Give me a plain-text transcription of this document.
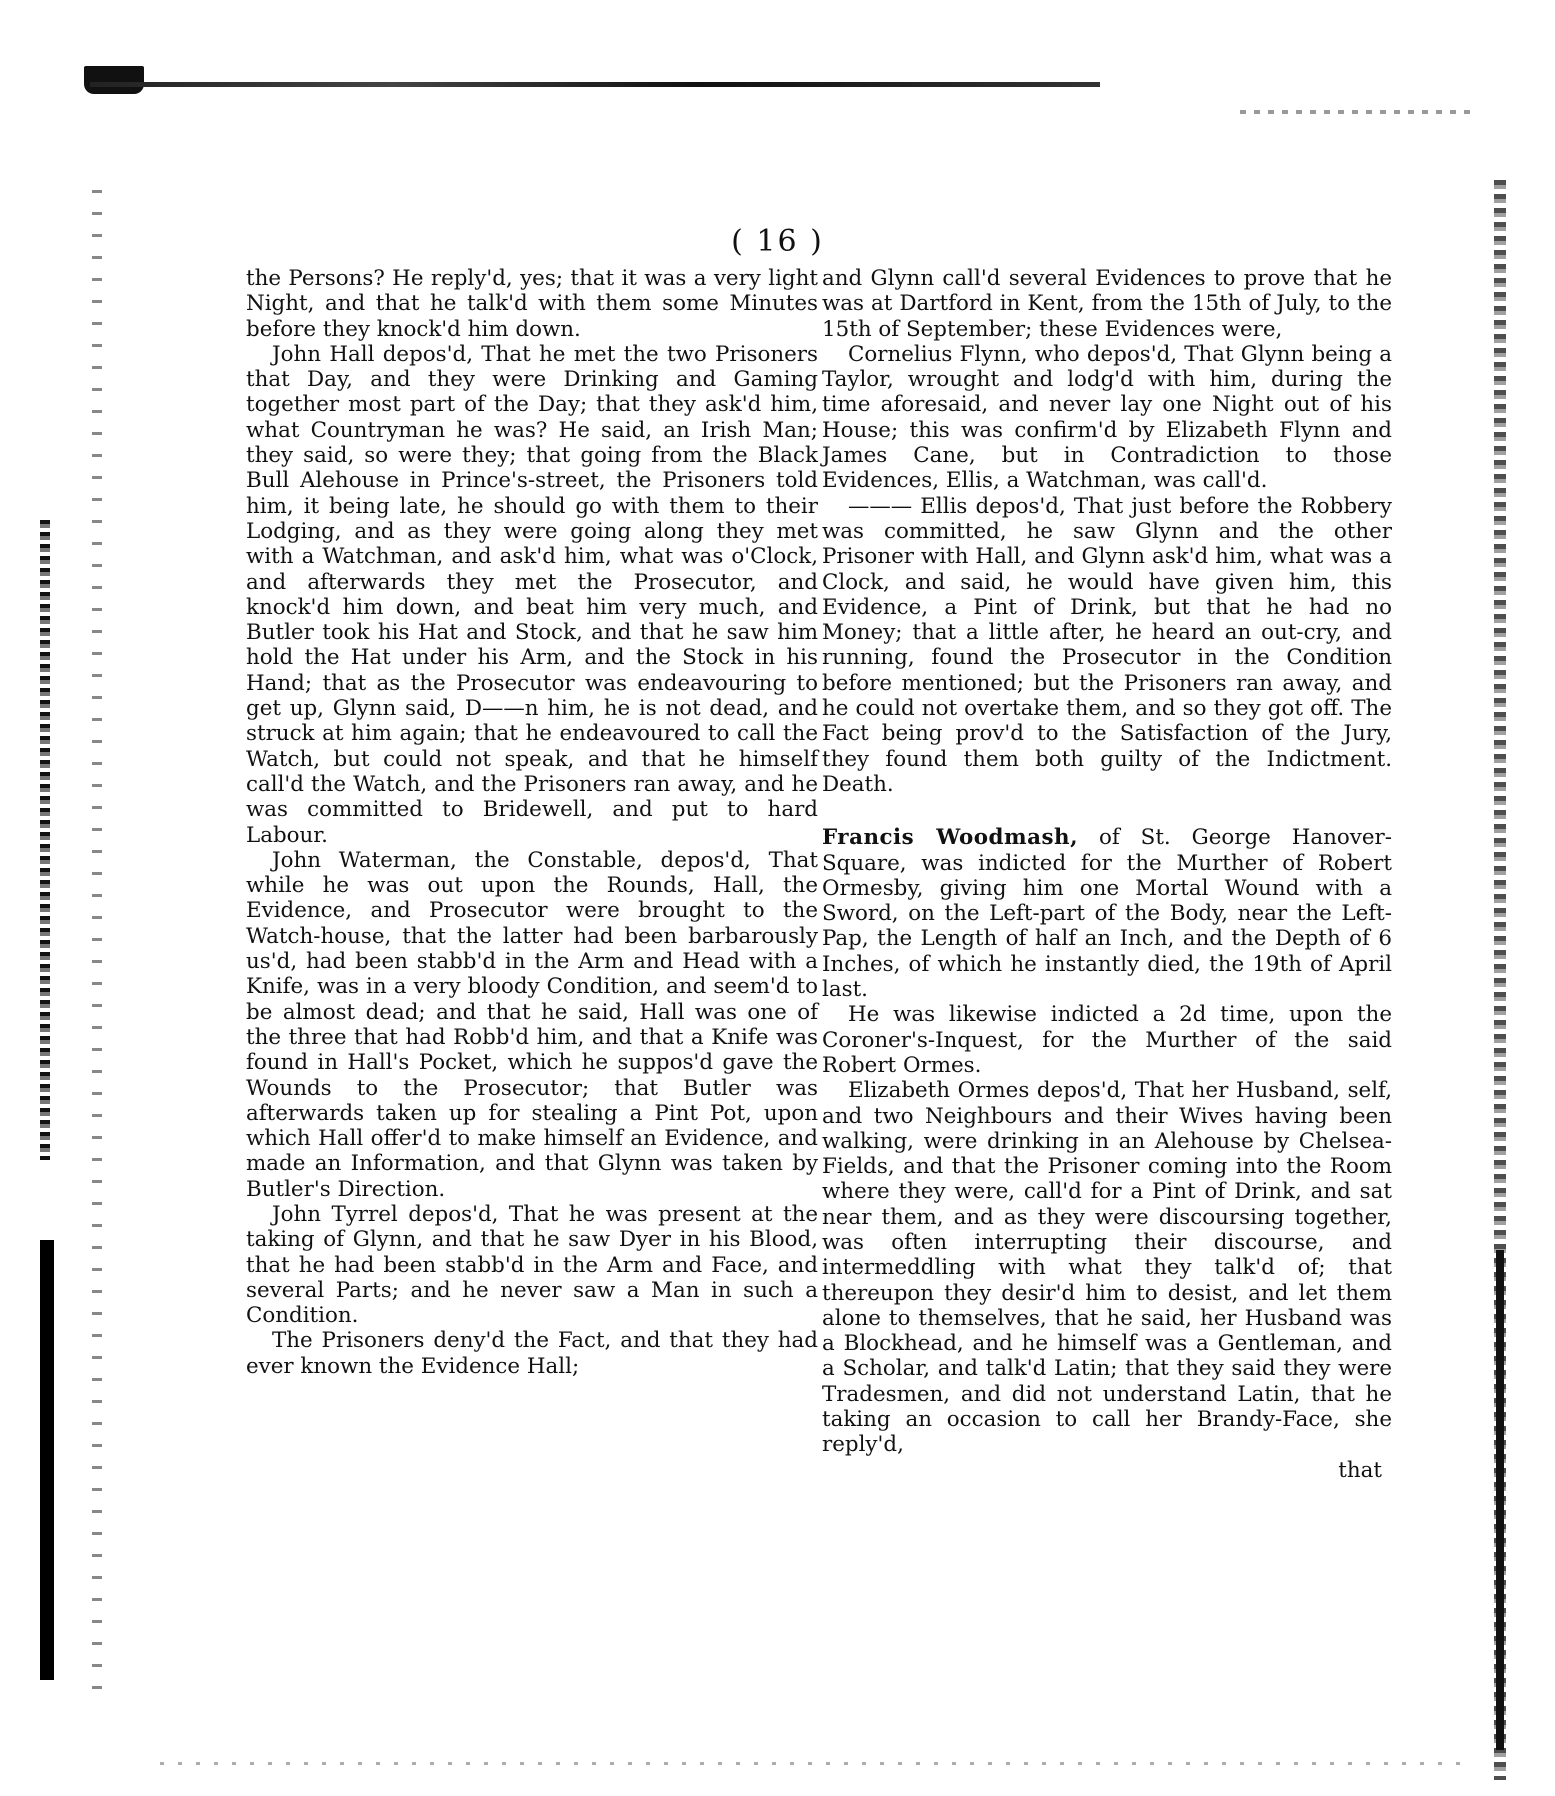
( 16 )

the Persons? He reply'd, yes; that it was a very light Night, and that he talk'd with them some Minutes before they knock'd him down.

John Hall depos'd, That he met the two Prisoners that Day, and they were Drinking and Gaming together most part of the Day; that they ask'd him, what Countryman he was? He said, an Irish Man; they said, so were they; that going from the Black Bull Alehouse in Prince's-street, the Prisoners told him, it being late, he should go with them to their Lodging, and as they were going along they met with a Watchman, and ask'd him, what was o'Clock, and afterwards they met the Prosecutor, and knock'd him down, and beat him very much, and Butler took his Hat and Stock, and that he saw him hold the Hat under his Arm, and the Stock in his Hand; that as the Prosecutor was endeavouring to get up, Glynn said, D——n him, he is not dead, and struck at him again; that he endeavoured to call the Watch, but could not speak, and that he himself call'd the Watch, and the Prisoners ran away, and he was committed to Bridewell, and put to hard Labour.

John Waterman, the Constable, depos'd, That while he was out upon the Rounds, Hall, the Evidence, and Prosecutor were brought to the Watch-house, that the latter had been barbarously us'd, had been stabb'd in the Arm and Head with a Knife, was in a very bloody Condition, and seem'd to be almost dead; and that he said, Hall was one of the three that had Robb'd him, and that a Knife was found in Hall's Pocket, which he suppos'd gave the Wounds to the Prosecutor; that Butler was afterwards taken up for stealing a Pint Pot, upon which Hall offer'd to make himself an Evidence, and made an Information, and that Glynn was taken by Butler's Direction.

John Tyrrel depos'd, That he was present at the taking of Glynn, and that he saw Dyer in his Blood, that he had been stabb'd in the Arm and Face, and several Parts; and he never saw a Man in such a Condition.

The Prisoners deny'd the Fact, and that they had ever known the Evidence Hall;

and Glynn call'd several Evidences to prove that he was at Dartford in Kent, from the 15th of July, to the 15th of September; these Evidences were,

Cornelius Flynn, who depos'd, That Glynn being a Taylor, wrought and lodg'd with him, during the time aforesaid, and never lay one Night out of his House; this was confirm'd by Elizabeth Flynn and James Cane, but in Contradiction to those Evidences, Ellis, a Watchman, was call'd.

——— Ellis depos'd, That just before the Robbery was committed, he saw Glynn and the other Prisoner with Hall, and Glynn ask'd him, what was a Clock, and said, he would have given him, this Evidence, a Pint of Drink, but that he had no Money; that a little after, he heard an out-cry, and running, found the Prosecutor in the Condition before mentioned; but the Prisoners ran away, and he could not overtake them, and so they got off. The Fact being prov'd to the Satisfaction of the Jury, they found them both guilty of the Indictment. Death.

Francis Woodmash, of St. George Hanover-Square, was indicted for the Murther of Robert Ormesby, giving him one Mortal Wound with a Sword, on the Left-part of the Body, near the Left-Pap, the Length of half an Inch, and the Depth of 6 Inches, of which he instantly died, the 19th of April last.

He was likewise indicted a 2d time, upon the Coroner's-Inquest, for the Murther of the said Robert Ormes.

Elizabeth Ormes depos'd, That her Husband, self, and two Neighbours and their Wives having been walking, were drinking in an Alehouse by Chelsea-Fields, and that the Prisoner coming into the Room where they were, call'd for a Pint of Drink, and sat near them, and as they were discoursing together, was often interrupting their discourse, and intermeddling with what they talk'd of; that thereupon they desir'd him to desist, and let them alone to themselves, that he said, her Husband was a Blockhead, and he himself was a Gentleman, and a Scholar, and talk'd Latin; that they said they were Tradesmen, and did not understand Latin, that he taking an occasion to call her Brandy-Face, she reply'd,

that
